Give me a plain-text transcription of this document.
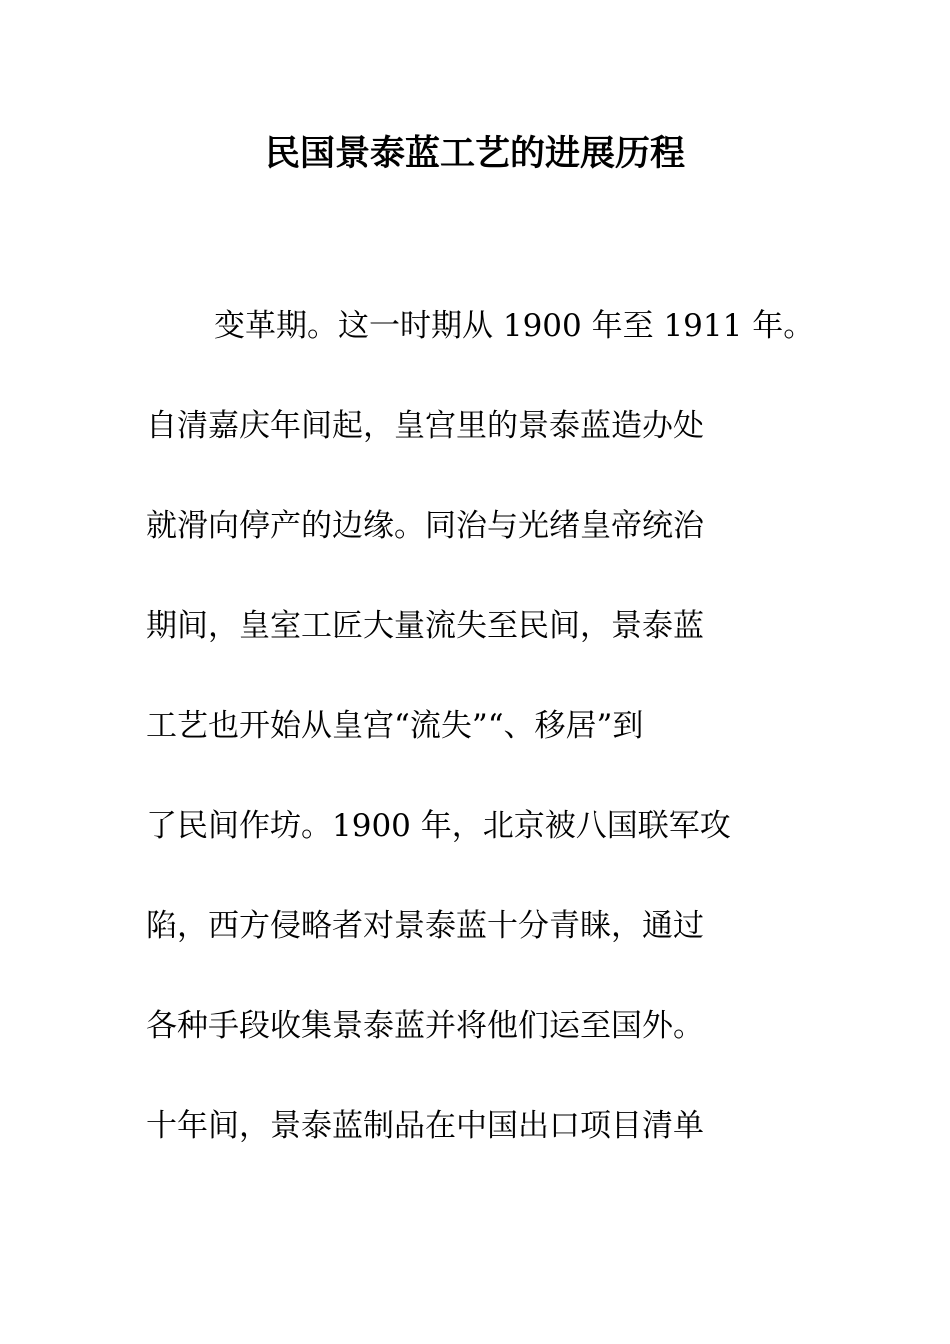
民国景泰蓝工艺的进展历程
变革期。这一时期从 1900 年至 1911 年。
自清嘉庆年间起，皇宫里的景泰蓝造办处
就滑向停产的边缘。同治与光绪皇帝统治
期间，皇室工匠大量流失至民间，景泰蓝
工艺也开始从皇宫“流失”“、移居”到
了民间作坊。1900 年，北京被八国联军攻
陷，西方侵略者对景泰蓝十分青睐，通过
各种手段收集景泰蓝并将他们运至国外。
十年间，景泰蓝制品在中国出口项目清单
